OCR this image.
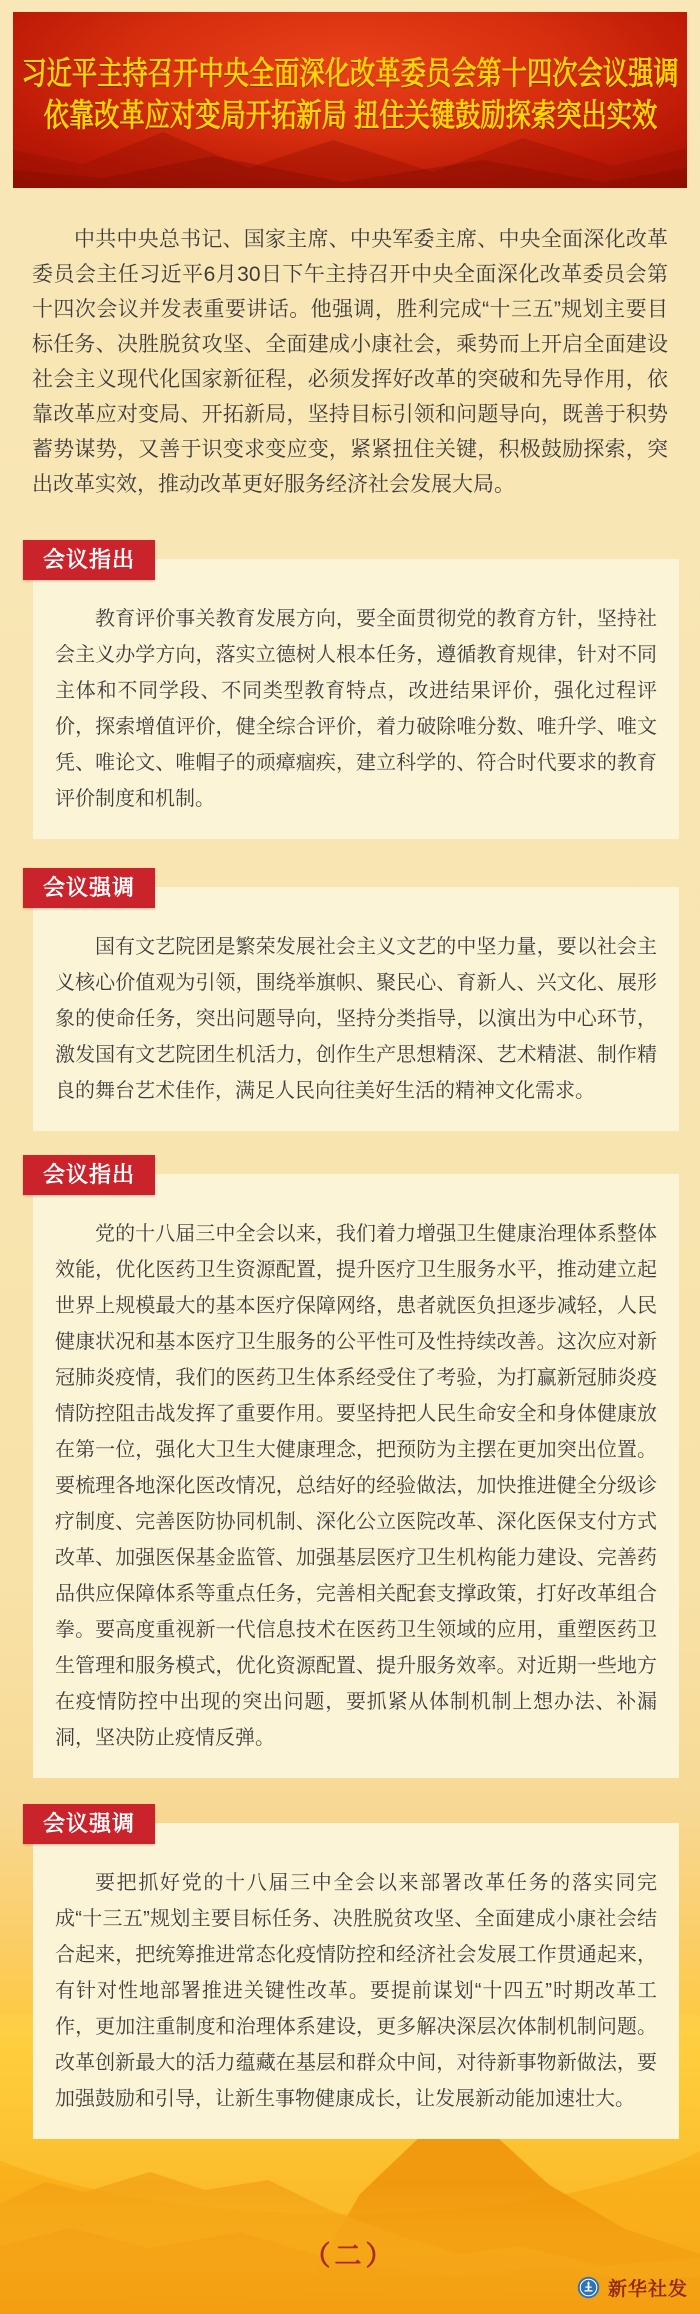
习近平主持召开中央全面深化改革委员会第十四次会议强调
依靠改革应对变局开拓新局 扭住关键鼓励探索突出实效

中共中央总书记、国家主席、中央军委主席、中央全面深化改革委员会主任习近平6月30日下午主持召开中央全面深化改革委员会第十四次会议并发表重要讲话。他强调，胜利完成“十三五”规划主要目标任务、决胜脱贫攻坚、全面建成小康社会，乘势而上开启全面建设社会主义现代化国家新征程，必须发挥好改革的突破和先导作用，依靠改革应对变局、开拓新局，坚持目标引领和问题导向，既善于积势蓄势谋势，又善于识变求变应变，紧紧扭住关键，积极鼓励探索，突出改革实效，推动改革更好服务经济社会发展大局。

会议指出

教育评价事关教育发展方向，要全面贯彻党的教育方针，坚持社会主义办学方向，落实立德树人根本任务，遵循教育规律，针对不同主体和不同学段、不同类型教育特点，改进结果评价，强化过程评价，探索增值评价，健全综合评价，着力破除唯分数、唯升学、唯文凭、唯论文、唯帽子的顽瘴痼疾，建立科学的、符合时代要求的教育评价制度和机制。

会议强调

国有文艺院团是繁荣发展社会主义文艺的中坚力量，要以社会主义核心价值观为引领，围绕举旗帜、聚民心、育新人、兴文化、展形象的使命任务，突出问题导向，坚持分类指导，以演出为中心环节，激发国有文艺院团生机活力，创作生产思想精深、艺术精湛、制作精良的舞台艺术佳作，满足人民向往美好生活的精神文化需求。

会议指出

党的十八届三中全会以来，我们着力增强卫生健康治理体系整体效能，优化医药卫生资源配置，提升医疗卫生服务水平，推动建立起世界上规模最大的基本医疗保障网络，患者就医负担逐步减轻，人民健康状况和基本医疗卫生服务的公平性可及性持续改善。这次应对新冠肺炎疫情，我们的医药卫生体系经受住了考验，为打赢新冠肺炎疫情防控阻击战发挥了重要作用。要坚持把人民生命安全和身体健康放在第一位，强化大卫生大健康理念，把预防为主摆在更加突出位置。要梳理各地深化医改情况，总结好的经验做法，加快推进健全分级诊疗制度、完善医防协同机制、深化公立医院改革、深化医保支付方式改革、加强医保基金监管、加强基层医疗卫生机构能力建设、完善药品供应保障体系等重点任务，完善相关配套支撑政策，打好改革组合拳。要高度重视新一代信息技术在医药卫生领域的应用，重塑医药卫生管理和服务模式，优化资源配置、提升服务效率。对近期一些地方在疫情防控中出现的突出问题，要抓紧从体制机制上想办法、补漏洞，坚决防止疫情反弹。

会议强调

要把抓好党的十八届三中全会以来部署改革任务的落实同完成“十三五”规划主要目标任务、决胜脱贫攻坚、全面建成小康社会结合起来，把统筹推进常态化疫情防控和经济社会发展工作贯通起来，有针对性地部署推进关键性改革。要提前谋划“十四五”时期改革工作，更加注重制度和治理体系建设，更多解决深层次体制机制问题。改革创新最大的活力蕴藏在基层和群众中间，对待新事物新做法，要加强鼓励和引导，让新生事物健康成长，让发展新动能加速壮大。

（二）
新华社发
